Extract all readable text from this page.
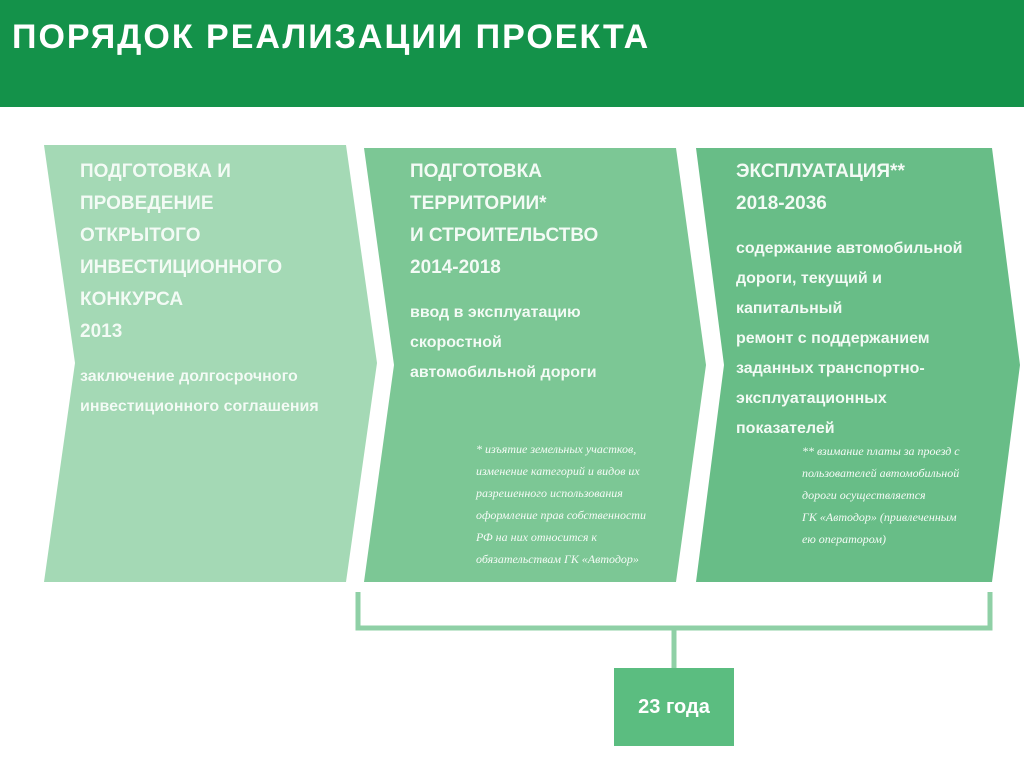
ПОРЯДОК РЕАЛИЗАЦИИ ПРОЕКТА
ПОДГОТОВКА И ПРОВЕДЕНИЕ
ОТКРЫТОГО ИНВЕСТИЦИОННОГО
КОНКУРСА
2013
заключение долгосрочного
инвестиционного соглашения
ПОДГОТОВКА ТЕРРИТОРИИ*
И СТРОИТЕЛЬСТВО
2014-2018
ввод в эксплуатацию скоростной
автомобильной дороги
* изъятие земельных участков,
изменение категорий и видов их
разрешенного использования
оформление прав собственности
РФ на них относится к
обязательствам ГК «Автодор»
ЭКСПЛУАТАЦИЯ**
2018-2036
содержание автомобильной
дороги, текущий и капитальный
ремонт с поддержанием
заданных транспортно-
эксплуатационных показателей
** взимание платы за проезд с
пользователей автомобильной
дороги осуществляется
ГК «Автодор» (привлеченным
ею оператором)
23 года
